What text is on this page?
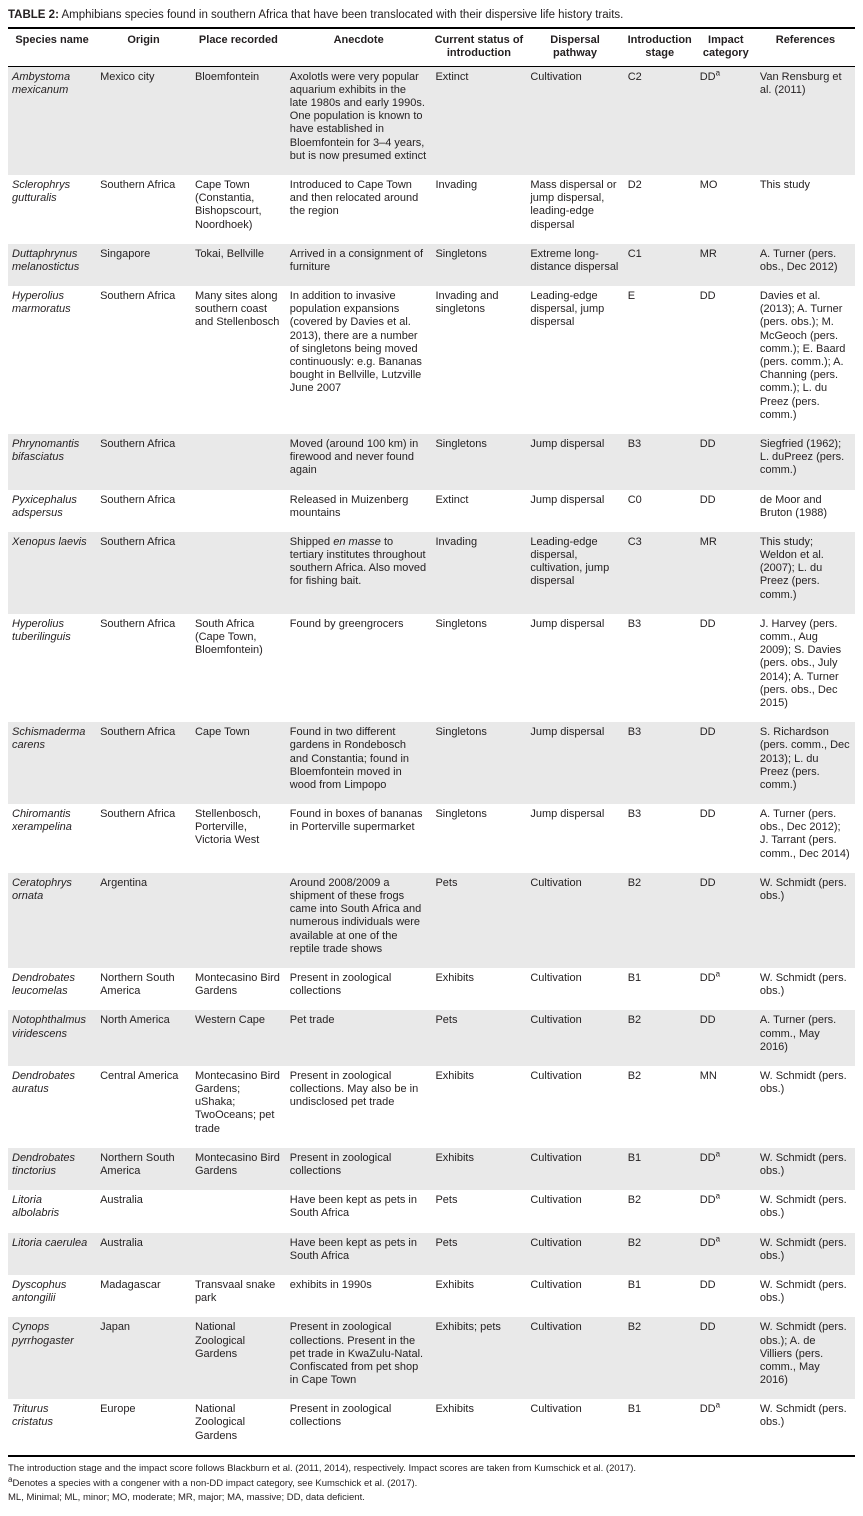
TABLE 2: Amphibians species found in southern Africa that have been translocated with their dispersive life history traits.
Species name	Origin	Place recorded	Anecdote	Current status of introduction	Dispersal pathway	Introduction stage	Impact category	References
Ambystoma mexicanum	Mexico city	Bloemfontein	Axolotls were very popular aquarium exhibits in the late 1980s and early 1990s. One population is known to have established in Bloemfontein for 3–4 years, but is now presumed extinct	Extinct	Cultivation	C2	$DD^a$	Van Rensburg et al. (2011)
Sclerophrys gutturalis	Southern Africa	Cape Town (Constantia, Bishopscourt, Noordhoek)	Introduced to Cape Town and then relocated around the region	Invading	Mass dispersal or jump dispersal, leading-edge dispersal	D2	MO	This study
Duttaphrynus melanostictus	Singapore	Tokai, Bellville	Arrived in a consignment of furniture	Singletons	Extreme long-distance dispersal	C1	MR	A. Turner (pers. obs., Dec 2012)
Hyperolius marmoratus	Southern Africa	Many sites along southern coast and Stellenbosch	In addition to invasive population expansions (covered by Davies et al. 2013), there are a number of singletons being moved continuously: e.g. Bananas bought in Bellville, Lutzville June 2007	Invading and singletons	Leading-edge dispersal, jump dispersal	E	DD	Davies et al. (2013); A. Turner (pers. obs.); M. McGeoch (pers. comm.); E. Baard (pers. comm.); A. Channing (pers. comm.); L. du Preez (pers. comm.)
Phrynomantis bifasciatus	Southern Africa		Moved (around 100 km) in firewood and never found again	Singletons	Jump dispersal	B3	DD	Siegfried (1962); L. duPreez (pers. comm.)
Pyxicephalus adspersus	Southern Africa		Released in Muizenberg mountains	Extinct	Jump dispersal	C0	DD	de Moor and Bruton (1988)
Xenopus laevis	Southern Africa		Shipped en masse to tertiary institutes throughout southern Africa. Also moved for fishing bait.	Invading	Leading-edge dispersal, cultivation, jump dispersal	C3	MR	This study; Weldon et al. (2007); L. du Preez (pers. comm.)
Hyperolius tuberilinguis	Southern Africa	South Africa (Cape Town, Bloemfontein)	Found by greengrocers	Singletons	Jump dispersal	B3	DD	J. Harvey (pers. comm., Aug 2009); S. Davies (pers. obs., July 2014); A. Turner (pers. obs., Dec 2015)
Schismaderma carens	Southern Africa	Cape Town	Found in two different gardens in Rondebosch and Constantia; found in Bloemfontein moved in wood from Limpopo	Singletons	Jump dispersal	B3	DD	S. Richardson (pers. comm., Dec 2013); L. du Preez (pers. comm.)
Chiromantis xerampelina	Southern Africa	Stellenbosch, Porterville, Victoria West	Found in boxes of bananas in Porterville supermarket	Singletons	Jump dispersal	B3	DD	A. Turner (pers. obs., Dec 2012); J. Tarrant (pers. comm., Dec 2014)
Ceratophrys ornata	Argentina		Around 2008/2009 a shipment of these frogs came into South Africa and numerous individuals were available at one of the reptile trade shows	Pets	Cultivation	B2	DD	W. Schmidt (pers. obs.)
Dendrobates leucomelas	Northern South America	Montecasino Bird Gardens	Present in zoological collections	Exhibits	Cultivation	B1	$DD^a$	W. Schmidt (pers. obs.)
Notophthalmus viridescens	North America	Western Cape	Pet trade	Pets	Cultivation	B2	DD	A. Turner (pers. comm., May 2016)
Dendrobates auratus	Central America	Montecasino Bird Gardens; uShaka; TwoOceans; pet trade	Present in zoological collections. May also be in undisclosed pet trade	Exhibits	Cultivation	B2	MN	W. Schmidt (pers. obs.)
Dendrobates tinctorius	Northern South America	Montecasino Bird Gardens	Present in zoological collections	Exhibits	Cultivation	B1	$DD^a$	W. Schmidt (pers. obs.)
Litoria albolabris	Australia		Have been kept as pets in South Africa	Pets	Cultivation	B2	$DD^a$	W. Schmidt (pers. obs.)
Litoria caerulea	Australia		Have been kept as pets in South Africa	Pets	Cultivation	B2	$DD^a$	W. Schmidt (pers. obs.)
Dyscophus antongilii	Madagascar	Transvaal snake park	exhibits in 1990s	Exhibits	Cultivation	B1	DD	W. Schmidt (pers. obs.)
Cynops pyrrhogaster	Japan	National Zoological Gardens	Present in zoological collections. Present in the pet trade in KwaZulu-Natal. Confiscated from pet shop in Cape Town	Exhibits; pets	Cultivation	B2	DD	W. Schmidt (pers. obs.); A. de Villiers (pers. comm., May 2016)
Triturus cristatus	Europe	National Zoological Gardens	Present in zoological collections	Exhibits	Cultivation	B1	$DD^a$	W. Schmidt (pers. obs.)

The introduction stage and the impact score follows Blackburn et al. (2011, 2014), respectively. Impact scores are taken from Kumschick et al. (2017).

$^a$Denotes a species with a congener with a non-DD impact category, see Kumschick et al. (2017).

ML, Minimal; ML, minor; MO, moderate; MR, major; MA, massive; DD, data deficient.
